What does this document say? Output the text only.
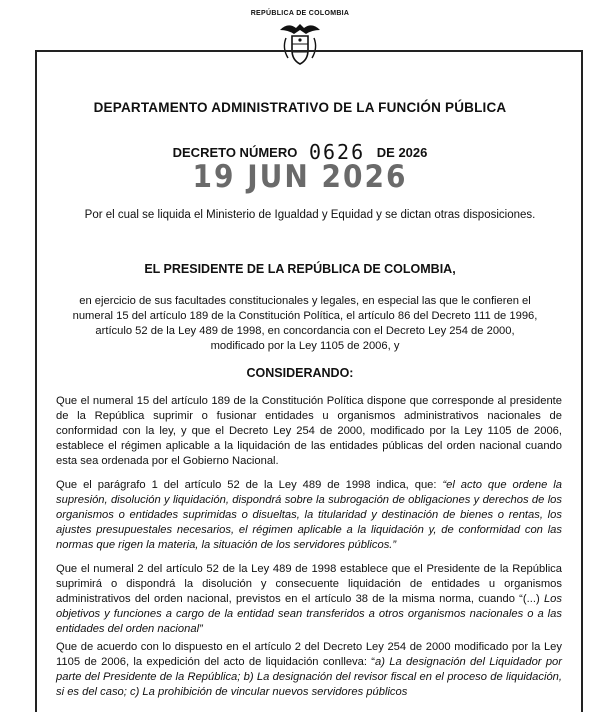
REPÚBLICA DE COLOMBIA
DEPARTAMENTO ADMINISTRATIVO DE LA FUNCIÓN PÚBLICA
DECRETO NÚMERO 0626 DE 2026
19 JUN 2026
Por el cual se liquida el Ministerio de Igualdad y Equidad y se dictan otras disposiciones.
EL PRESIDENTE DE LA REPÚBLICA DE COLOMBIA,
en ejercicio de sus facultades constitucionales y legales, en especial las que le confieren el numeral 15 del artículo 189 de la Constitución Política, el artículo 86 del Decreto 111 de 1996, artículo 52 de la Ley 489 de 1998, en concordancia con el Decreto Ley 254 de 2000, modificado por la Ley 1105 de 2006, y
CONSIDERANDO:
Que el numeral 15 del artículo 189 de la Constitución Política dispone que corresponde al presidente de la República suprimir o fusionar entidades u organismos administrativos nacionales de conformidad con la ley, y que el Decreto Ley 254 de 2000, modificado por la Ley 1105 de 2006, establece el régimen aplicable a la liquidación de las entidades públicas del orden nacional cuando esta sea ordenada por el Gobierno Nacional.
Que el parágrafo 1 del artículo 52 de la Ley 489 de 1998 indica, que: “el acto que ordene la supresión, disolución y liquidación, dispondrá sobre la subrogación de obligaciones y derechos de los organismos o entidades suprimidas o disueltas, la titularidad y destinación de bienes o rentas, los ajustes presupuestales necesarios, el régimen aplicable a la liquidación y, de conformidad con las normas que rigen la materia, la situación de los servidores públicos.”
Que el numeral 2 del artículo 52 de la Ley 489 de 1998 establece que el Presidente de la República suprimirá o dispondrá la disolución y consecuente liquidación de entidades u organismos administrativos del orden nacional, previstos en el artículo 38 de la misma norma, cuando “(...) Los objetivos y funciones a cargo de la entidad sean transferidos a otros organismos nacionales o a las entidades del orden nacional”
Que de acuerdo con lo dispuesto en el artículo 2 del Decreto Ley 254 de 2000 modificado por la Ley 1105 de 2006, la expedición del acto de liquidación conlleva: “a) La designación del Liquidador por parte del Presidente de la República; b) La designación del revisor fiscal en el proceso de liquidación, si es del caso; c) La prohibición de vincular nuevos servidores públicos
